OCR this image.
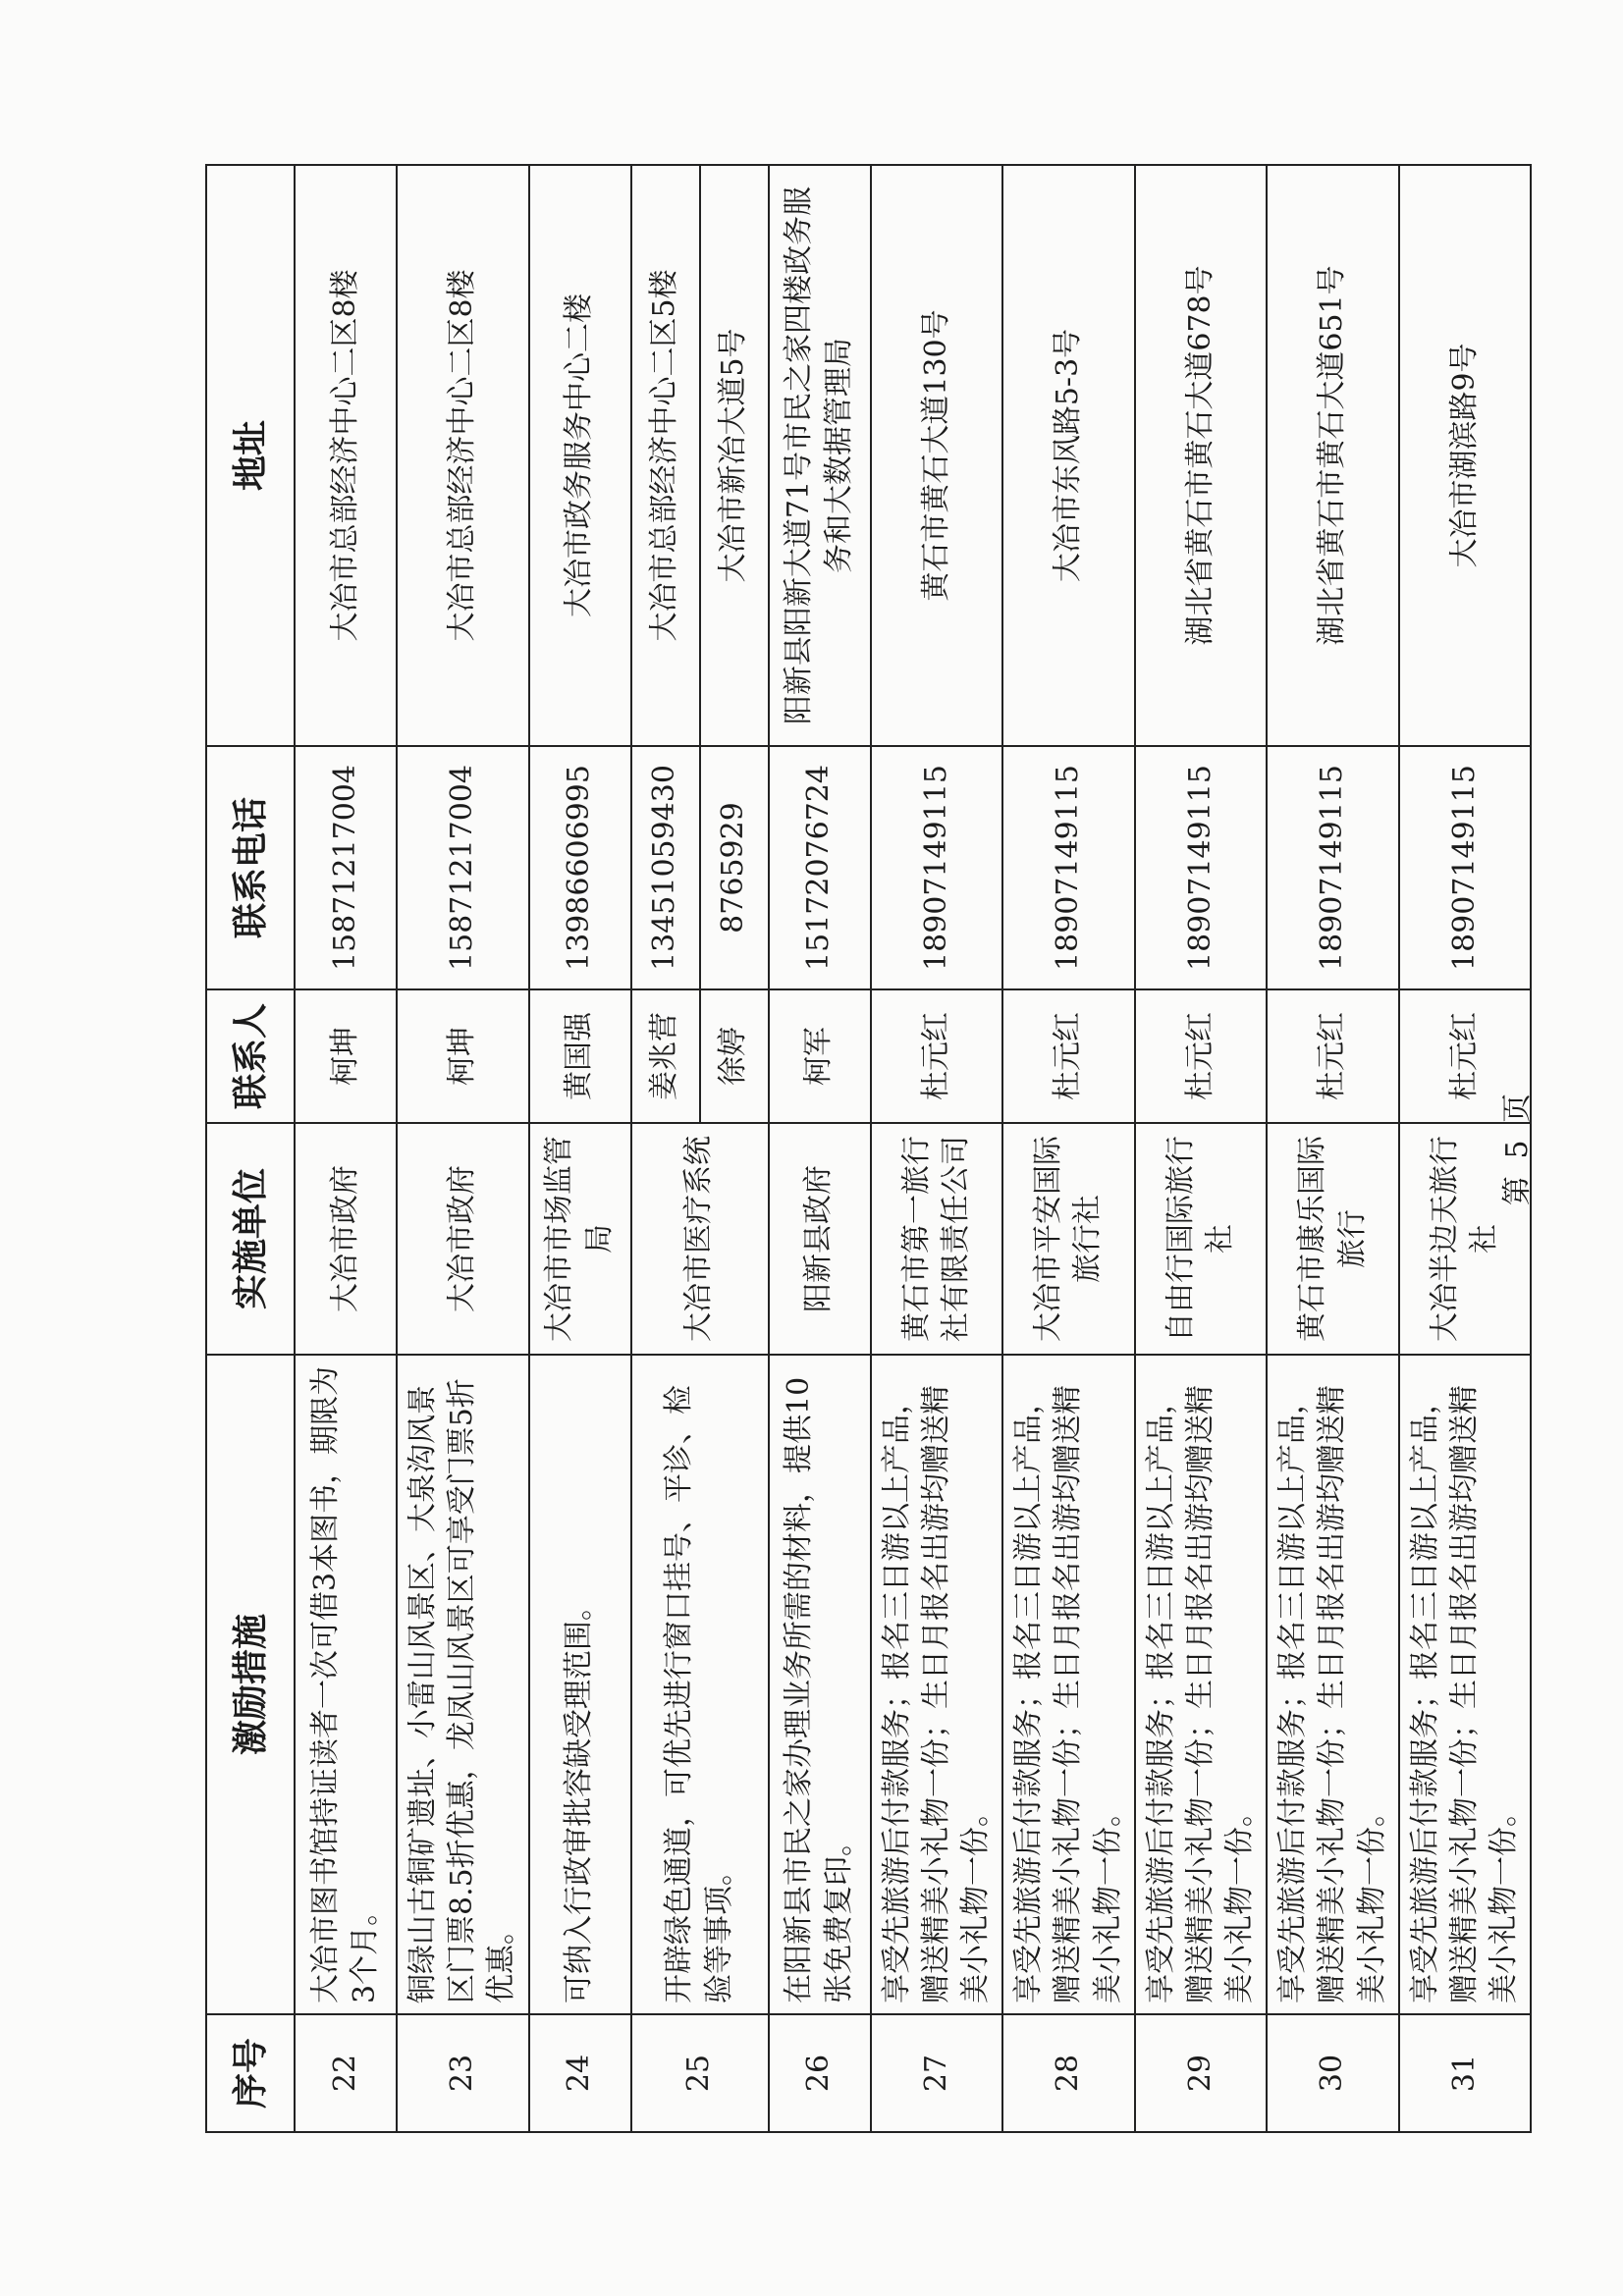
序号	激励措施	实施单位	联系人	联系电话	地址
22	大冶市图书馆持证读者一次可借3本图书，期限为3个月。	大冶市政府	柯坤	15871217004	大冶市总部经济中心二区8楼
23	铜绿山古铜矿遗址、小雷山风景区、大泉沟风景区门票8.5折优惠，龙凤山风景区可享受门票5折优惠。	大冶市政府	柯坤	15871217004	大冶市总部经济中心二区8楼
24	可纳入行政审批容缺受理范围。	大冶市市场监管局	黄国强	13986606995	大冶市政务服务中心二楼
25	开辟绿色通道，可优先进行窗口挂号、平诊、检验等事项。	大冶市医疗系统	姜兆营	13451059430	大冶市总部经济中心二区5楼
			徐婷	8765929	大冶市新冶大道5号
26	在阳新县市民之家办理业务所需的材料，提供10张免费复印。	阳新县政府	柯军	15172076724	阳新县阳新大道71号市民之家四楼政务服务和大数据管理局
27	享受先旅游后付款服务；报名三日游以上产品，赠送精美小礼物一份；生日月报名出游均赠送精美小礼物一份。	黄石市第一旅行社有限责任公司	杜元红	18907149115	黄石市黄石大道130号
28	享受先旅游后付款服务；报名三日游以上产品，赠送精美小礼物一份；生日月报名出游均赠送精美小礼物一份。	大冶市平安国际旅行社	杜元红	18907149115	大冶市东风路5-3号
29	享受先旅游后付款服务；报名三日游以上产品，赠送精美小礼物一份；生日月报名出游均赠送精美小礼物一份。	自由行国际旅行社	杜元红	18907149115	湖北省黄石市黄石大道678号
30	享受先旅游后付款服务；报名三日游以上产品，赠送精美小礼物一份；生日月报名出游均赠送精美小礼物一份。	黄石市康乐国际旅行	杜元红	18907149115	湖北省黄石市黄石大道651号
31	享受先旅游后付款服务；报名三日游以上产品，赠送精美小礼物一份；生日月报名出游均赠送精美小礼物一份。	大冶半边天旅行社	杜元红	18907149115	大冶市湖滨路9号
第 5 页
